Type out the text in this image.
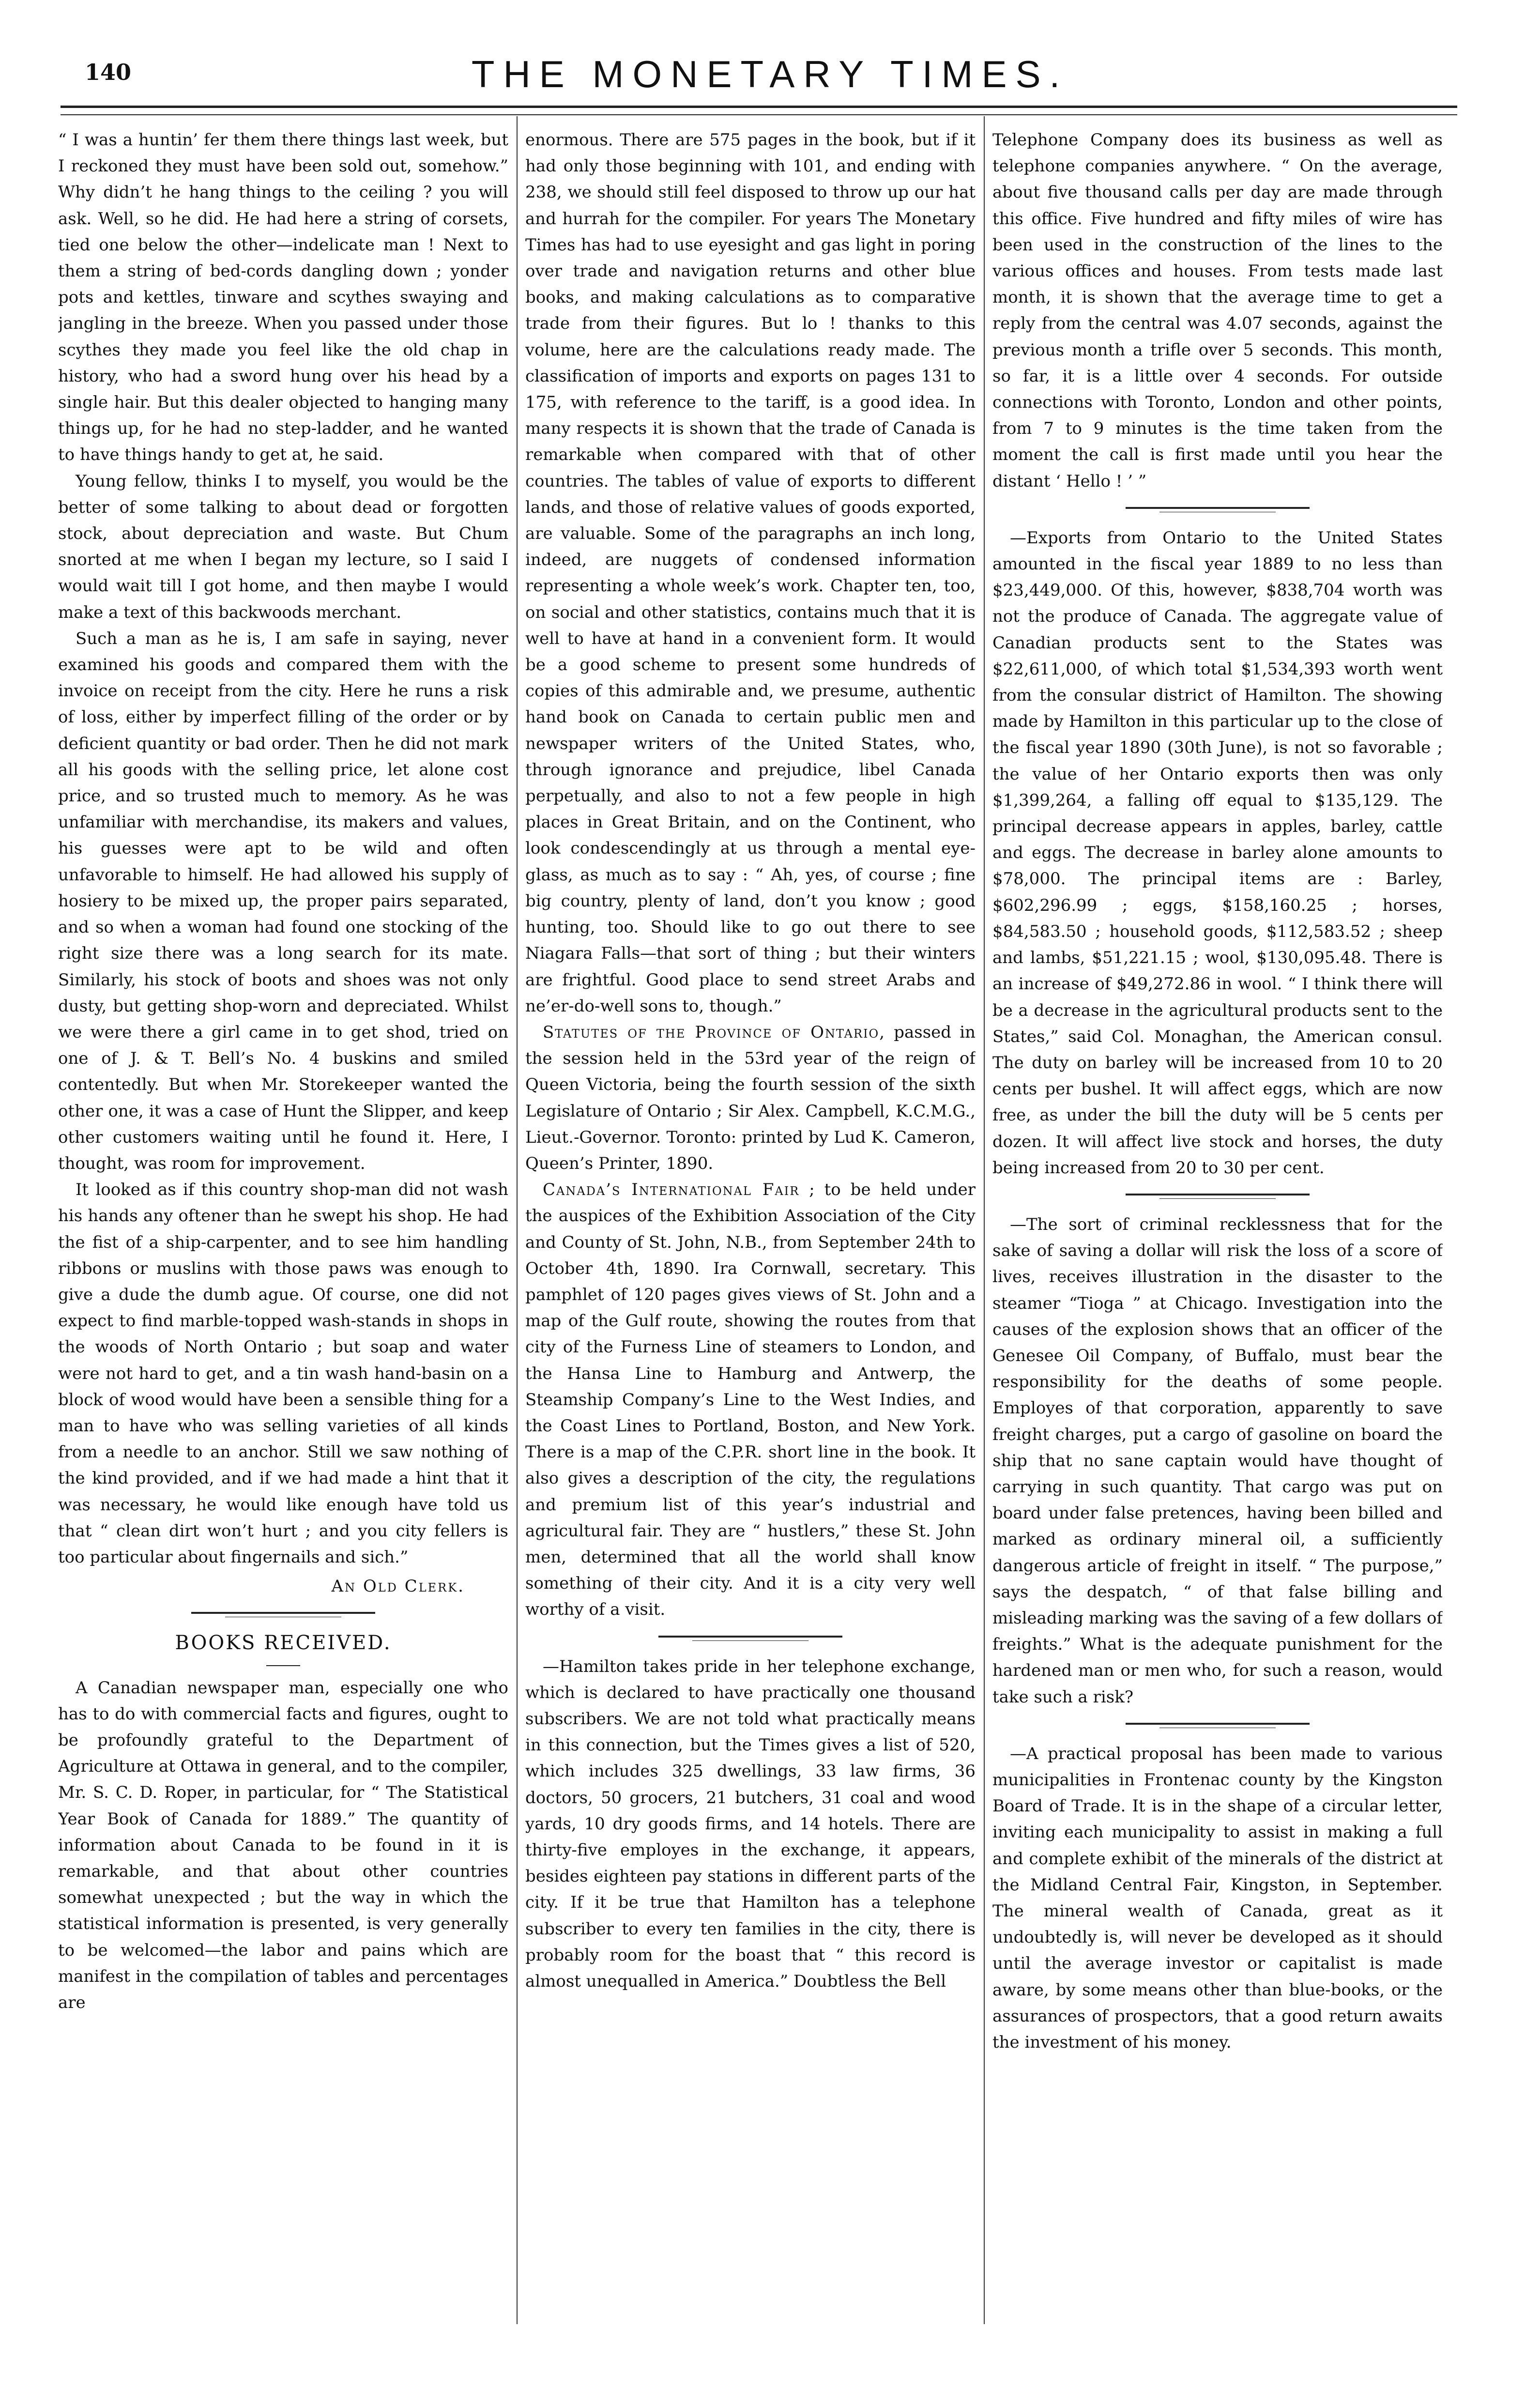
140	THE MONETARY TIMES.

“ I was a huntin’ fer them there things last week, but I reckoned they must have been sold out, somehow.” Why didn’t he hang things to the ceiling ? you will ask. Well, so he did. He had here a string of corsets, tied one below the other—indelicate man ! Next to them a string of bed-cords dangling down ; yonder pots and kettles, tinware and scythes swaying and jangling in the breeze. When you passed under those scythes they made you feel like the old chap in history, who had a sword hung over his head by a single hair. But this dealer objected to hanging many things up, for he had no step-ladder, and he wanted to have things handy to get at, he said.

Young fellow, thinks I to myself, you would be the better of some talking to about dead or forgotten stock, about depreciation and waste. But Chum snorted at me when I began my lecture, so I said I would wait till I got home, and then maybe I would make a text of this backwoods merchant.

Such a man as he is, I am safe in saying, never examined his goods and compared them with the invoice on receipt from the city. Here he runs a risk of loss, either by imperfect filling of the order or by deficient quantity or bad order. Then he did not mark all his goods with the selling price, let alone cost price, and so trusted much to memory. As he was unfamiliar with merchandise, its makers and values, his guesses were apt to be wild and often unfavorable to himself. He had allowed his supply of hosiery to be mixed up, the proper pairs separated, and so when a woman had found one stocking of the right size there was a long search for its mate. Similarly, his stock of boots and shoes was not only dusty, but getting shop-worn and depreciated. Whilst we were there a girl came in to get shod, tried on one of J. & T. Bell’s No. 4 buskins and smiled contentedly. But when Mr. Storekeeper wanted the other one, it was a case of Hunt the Slipper, and keep other customers waiting until he found it. Here, I thought, was room for improvement.

It looked as if this country shop-man did not wash his hands any oftener than he swept his shop. He had the fist of a ship-carpenter, and to see him handling ribbons or muslins with those paws was enough to give a dude the dumb ague. Of course, one did not expect to find marble-topped wash-stands in shops in the woods of North Ontario ; but soap and water were not hard to get, and a tin wash hand-basin on a block of wood would have been a sensible thing for a man to have who was selling varieties of all kinds from a needle to an anchor. Still we saw nothing of the kind provided, and if we had made a hint that it was necessary, he would like enough have told us that “ clean dirt won’t hurt ; and you city fellers is too particular about fingernails and sich.”

An Old Clerk.
BOOKS RECEIVED.

A Canadian newspaper man, especially one who has to do with commercial facts and figures, ought to be profoundly grateful to the Department of Agriculture at Ottawa in general, and to the compiler, Mr. S. C. D. Roper, in particular, for “ The Statistical Year Book of Canada for 1889.” The quantity of information about Canada to be found in it is remarkable, and that about other countries somewhat unexpected ; but the way in which the statistical information is presented, is very generally to be welcomed—the labor and pains which are manifest in the compilation of tables and percentages are

enormous. There are 575 pages in the book, but if it had only those beginning with 101, and ending with 238, we should still feel disposed to throw up our hat and hurrah for the compiler. For years The Monetary Times has had to use eyesight and gas light in poring over trade and navigation returns and other blue books, and making calculations as to comparative trade from their figures. But lo ! thanks to this volume, here are the calculations ready made. The classification of imports and exports on pages 131 to 175, with reference to the tariff, is a good idea. In many respects it is shown that the trade of Canada is remarkable when compared with that of other countries. The tables of value of exports to different lands, and those of relative values of goods exported, are valuable. Some of the paragraphs an inch long, indeed, are nuggets of condensed information representing a whole week’s work. Chapter ten, too, on social and other statistics, contains much that it is well to have at hand in a convenient form. It would be a good scheme to present some hundreds of copies of this admirable and, we presume, authentic hand book on Canada to certain public men and newspaper writers of the United States, who, through ignorance and prejudice, libel Canada perpetually, and also to not a few people in high places in Great Britain, and on the Continent, who look condescendingly at us through a mental eye-glass, as much as to say : “ Ah, yes, of course ; fine big country, plenty of land, don’t you know ; good hunting, too. Should like to go out there to see Niagara Falls—that sort of thing ; but their winters are frightful. Good place to send street Arabs and ne’er-do-well sons to, though.”

Statutes of the Province of Ontario, passed in the session held in the 53rd year of the reign of Queen Victoria, being the fourth session of the sixth Legislature of Ontario ; Sir Alex. Campbell, K.C.M.G., Lieut.-Governor. Toronto: printed by Lud K. Cameron, Queen’s Printer, 1890.

Canada’s International Fair ; to be held under the auspices of the Exhibition Association of the City and County of St. John, N.B., from September 24th to October 4th, 1890. Ira Cornwall, secretary. This pamphlet of 120 pages gives views of St. John and a map of the Gulf route, showing the routes from that city of the Furness Line of steamers to London, and the Hansa Line to Hamburg and Antwerp, the Steamship Company’s Line to the West Indies, and the Coast Lines to Portland, Boston, and New York. There is a map of the C.P.R. short line in the book. It also gives a description of the city, the regulations and premium list of this year’s industrial and agricultural fair. They are “ hustlers,” these St. John men, determined that all the world shall know something of their city. And it is a city very well worthy of a visit.

—Hamilton takes pride in her telephone exchange, which is declared to have practically one thousand subscribers. We are not told what practically means in this connection, but the Times gives a list of 520, which includes 325 dwellings, 33 law firms, 36 doctors, 50 grocers, 21 butchers, 31 coal and wood yards, 10 dry goods firms, and 14 hotels. There are thirty-five employes in the exchange, it appears, besides eighteen pay stations in different parts of the city. If it be true that Hamilton has a telephone subscriber to every ten families in the city, there is probably room for the boast that “ this record is almost unequalled in America.” Doubtless the Bell

Telephone Company does its business as well as telephone companies anywhere. “ On the average, about five thousand calls per day are made through this office. Five hundred and fifty miles of wire has been used in the construction of the lines to the various offices and houses. From tests made last month, it is shown that the average time to get a reply from the central was 4.07 seconds, against the previous month a trifle over 5 seconds. This month, so far, it is a little over 4 seconds. For outside connections with Toronto, London and other points, from 7 to 9 minutes is the time taken from the moment the call is first made until you hear the distant ‘ Hello ! ’ ”

—Exports from Ontario to the United States amounted in the fiscal year 1889 to no less than $23,449,000. Of this, however, $838,704 worth was not the produce of Canada. The aggregate value of Canadian products sent to the States was $22,611,000, of which total $1,534,393 worth went from the consular district of Hamilton. The showing made by Hamilton in this particular up to the close of the fiscal year 1890 (30th June), is not so favorable ; the value of her Ontario exports then was only $1,399,264, a falling off equal to $135,129. The principal decrease appears in apples, barley, cattle and eggs. The decrease in barley alone amounts to $78,000. The principal items are : Barley, $602,296.99 ; eggs, $158,160.25 ; horses, $84,583.50 ; household goods, $112,583.52 ; sheep and lambs, $51,221.15 ; wool, $130,095.48. There is an increase of $49,272.86 in wool. “ I think there will be a decrease in the agricultural products sent to the States,” said Col. Monaghan, the American consul. The duty on barley will be increased from 10 to 20 cents per bushel. It will affect eggs, which are now free, as under the bill the duty will be 5 cents per dozen. It will affect live stock and horses, the duty being increased from 20 to 30 per cent.

—The sort of criminal recklessness that for the sake of saving a dollar will risk the loss of a score of lives, receives illustration in the disaster to the steamer “Tioga ” at Chicago. Investigation into the causes of the explosion shows that an officer of the Genesee Oil Company, of Buffalo, must bear the responsibility for the deaths of some people. Employes of that corporation, apparently to save freight charges, put a cargo of gasoline on board the ship that no sane captain would have thought of carrying in such quantity. That cargo was put on board under false pretences, having been billed and marked as ordinary mineral oil, a sufficiently dangerous article of freight in itself. “ The purpose,” says the despatch, “ of that false billing and misleading marking was the saving of a few dollars of freights.” What is the adequate punishment for the hardened man or men who, for such a reason, would take such a risk?

—A practical proposal has been made to various municipalities in Frontenac county by the Kingston Board of Trade. It is in the shape of a circular letter, inviting each municipality to assist in making a full and complete exhibit of the minerals of the district at the Midland Central Fair, Kingston, in September. The mineral wealth of Canada, great as it undoubtedly is, will never be developed as it should until the average investor or capitalist is made aware, by some means other than blue-books, or the assurances of prospectors, that a good return awaits the investment of his money.
